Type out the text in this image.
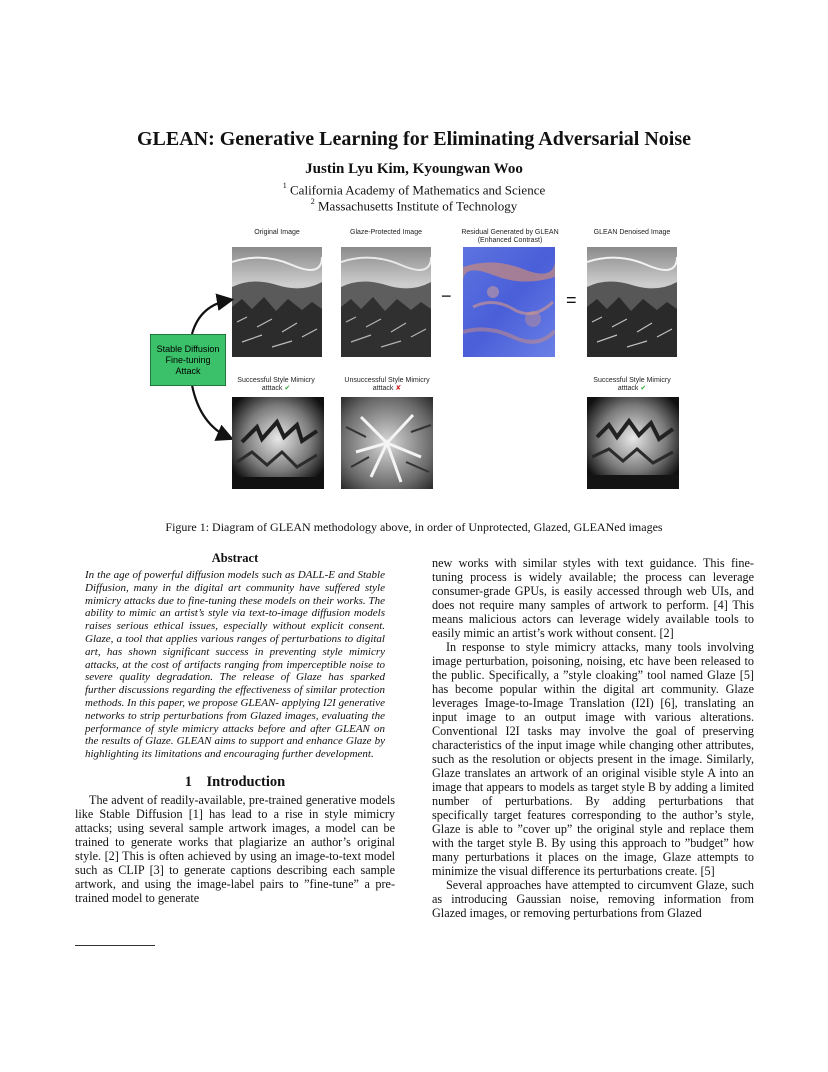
GLEAN: Generative Learning for Eliminating Adversarial Noise
Justin Lyu Kim, Kyoungwan Woo
$^1$ California Academy of Mathematics and Science
$^2$ Massachusetts Institute of Technology
Original Image	Glaze-Protected Image	Residual Generated by GLEAN
(Enhanced Contrast)
GLEAN Denoised Image
−	=
Stable Diffusion
Fine-tuning
Attack
Successful Style Mimicry
atttack ✔
Unsuccessful Style Mimicry
atttack ✘
Successful Style Mimicry
atttack ✔
Figure 1: Diagram of GLEAN methodology above, in order of Unprotected, Glazed, GLEANed images
Abstract

In the age of powerful diffusion models such as DALL-E and Stable Diffusion, many in the digital art community have suffered style mimicry attacks due to fine-tuning these models on their works. The ability to mimic an artist’s style via text-to-image diffusion models raises serious ethical issues, especially without explicit consent. Glaze, a tool that applies various ranges of perturbations to digital art, has shown significant success in preventing style mimicry attacks, at the cost of artifacts ranging from imperceptible noise to severe quality degradation. The release of Glaze has sparked further discussions regarding the effectiveness of similar protection methods. In this paper, we propose GLEAN- applying I2I generative networks to strip perturbations from Glazed images, evaluating the performance of style mimicry attacks before and after GLEAN on the results of Glaze. GLEAN aims to support and enhance Glaze by highlighting its limitations and encouraging further development.

1 Introduction

The advent of readily-available, pre-trained generative models like Stable Diffusion [1] has lead to a rise in style mimicry attacks; using several sample artwork images, a model can be trained to generate works that plagiarize an author’s original style. [2] This is often achieved by using an image-to-text model such as CLIP [3] to generate captions describing each sample artwork, and using the image-label pairs to ”fine-tune” a pre-trained model to generate

new works with similar styles with text guidance. This fine-tuning process is widely available; the process can leverage consumer-grade GPUs, is easily accessed through web UIs, and does not require many samples of artwork to perform. [4] This means malicious actors can leverage widely available tools to easily mimic an artist’s work without consent. [2]

In response to style mimicry attacks, many tools involving image perturbation, poisoning, noising, etc have been released to the public. Specifically, a ”style cloaking” tool named Glaze [5] has become popular within the digital art community. Glaze leverages Image-to-Image Translation (I2I) [6], translating an input image to an output image with various alterations. Conventional I2I tasks may involve the goal of preserving characteristics of the input image while changing other attributes, such as the resolution or objects present in the image. Similarly, Glaze translates an artwork of an original visible style A into an image that appears to models as target style B by adding a limited number of perturbations. By adding perturbations that specifically target features corresponding to the author’s style, Glaze is able to ”cover up” the original style and replace them with the target style B. By using this approach to ”budget” how many perturbations it places on the image, Glaze attempts to minimize the visual difference its perturbations create. [5]

Several approaches have attempted to circumvent Glaze, such as introducing Gaussian noise, removing information from Glazed images, or removing perturbations from Glazed
